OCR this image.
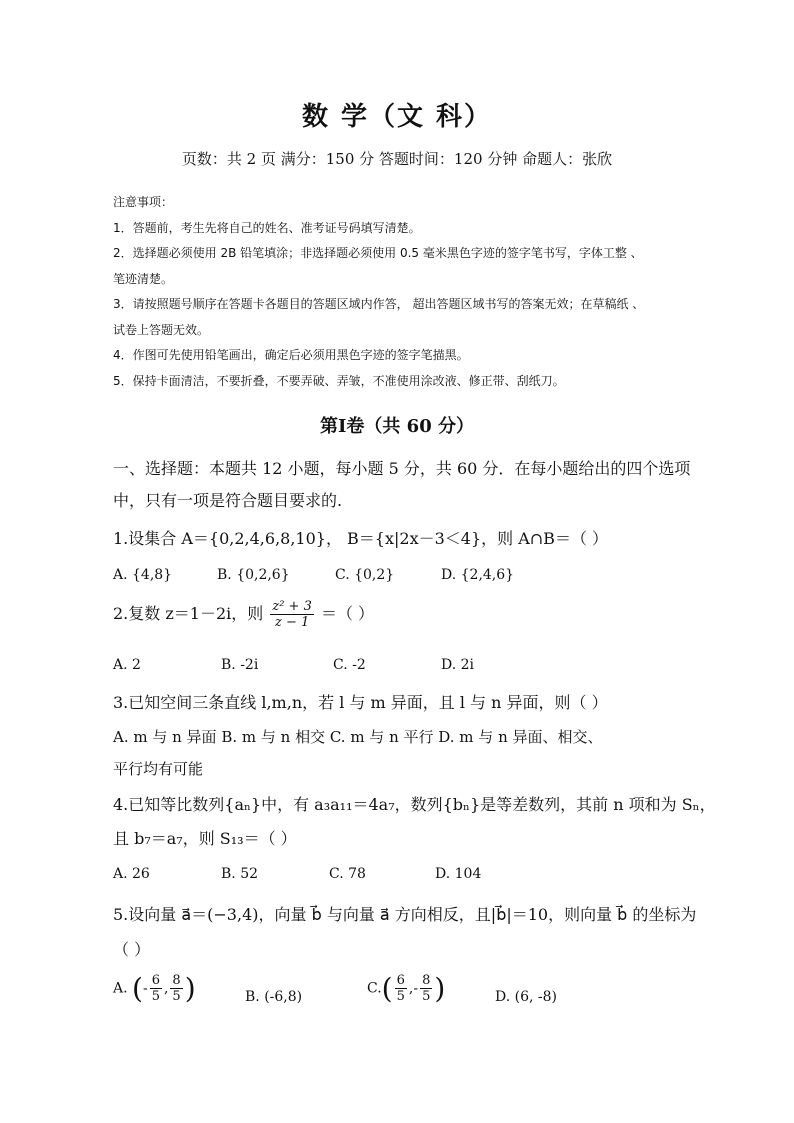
数 学（文 科）
页数：共 2 页 满分：150 分 答题时间：120 分钟 命题人：张欣
注意事项：
1．答题前，考生先将自己的姓名、准考证号码填写清楚。
2．选择题必须使用 2B 铅笔填涂；非选择题必须使用 0.5 毫米黑色字迹的签字笔书写，字体工整 、
笔迹清楚。
3．请按照题号顺序在答题卡各题目的答题区域内作答， 超出答题区域书写的答案无效；在草稿纸 、
试卷上答题无效。
4．作图可先使用铅笔画出，确定后必须用黑色字迹的签字笔描黑。
5．保持卡面清洁，不要折叠，不要弄破、弄皱，不准使用涂改液、修正带、刮纸刀。
第Ⅰ卷（共 60 分）
一、选择题：本题共 12 小题，每小题 5 分，共 60 分．在每小题给出的四个选项
中，只有一项是符合题目要求的.
1.设集合 A＝{0,2,4,6,8,10}， B＝{x|2x－3＜4}，则 A∩B＝（ ）
A. {4,8}	B. {0,2,6}	C. {0,2}	D. {2,4,6}
2.复数 z＝1－2i，则 $\frac{\text{z² + 3}}{z - 1}$ ＝（ ）
A. 2	B. -2i	C. -2	D. 2i
3.已知空间三条直线 l,m,n，若 l 与 m 异面，且 l 与 n 异面，则（ ）
A. m 与 n 异面 B. m 与 n 相交 C. m 与 n 平行 D. m 与 n 异面、相交、
平行均有可能
4.已知等比数列{aₙ}中，有 a₃a₁₁＝4a₇，数列{bₙ}是等差数列，其前 n 项和为 Sₙ，
且 b₇＝a₇，则 S₁₃＝（ ）
A. 26	B. 52	C. 78	D. 104
5.设向量 a⃗＝(−3,4)，向量 b⃗ 与向量 a⃗ 方向相反，且|b⃗|＝10，则向量 b⃗ 的坐标为
（ ）
A. (- $\frac{6}{5}$ , $\frac{8}{5}$ )	B. (-6,8)
$C.( \frac{6}{5}$ ,- $\frac{8}{5}$ )	D. (6, -8)
